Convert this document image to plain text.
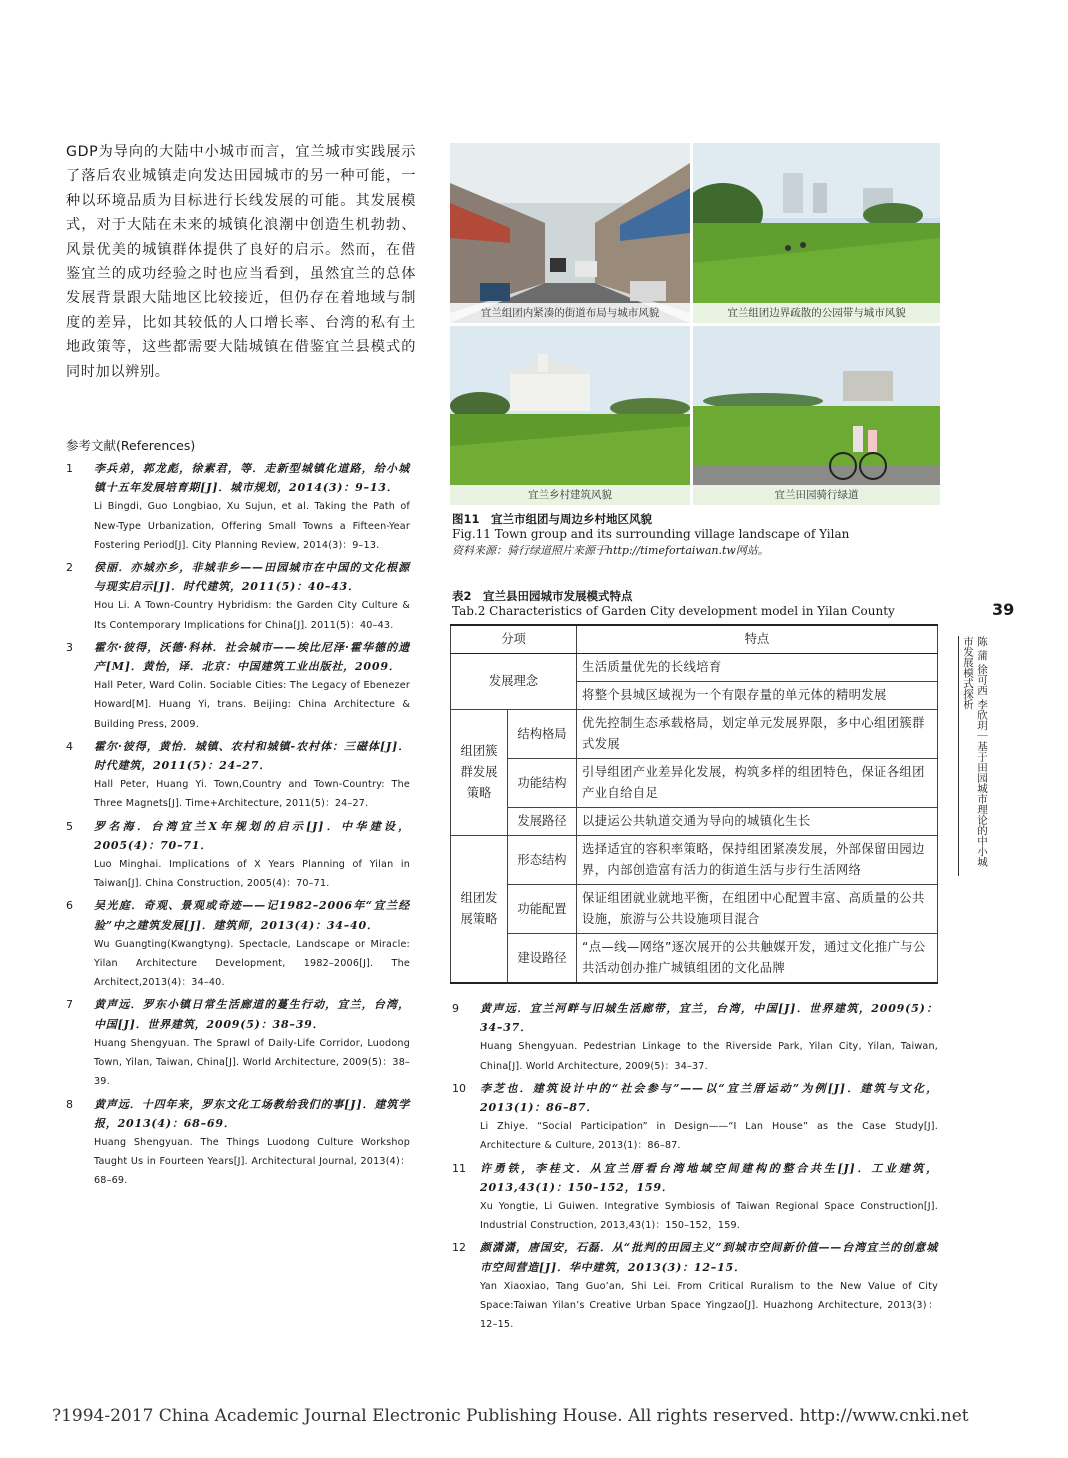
GDP为导向的大陆中小城市而言，宜兰城市实践展示了落后农业城镇走向发达田园城市的另一种可能，一种以环境品质为目标进行长线发展的可能。其发展模式，对于大陆在未来的城镇化浪潮中创造生机勃勃、风景优美的城镇群体提供了良好的启示。然而，在借鉴宜兰的成功经验之时也应当看到，虽然宜兰的总体发展背景跟大陆地区比较接近，但仍存在着地域与制度的差异，比如其较低的人口增长率、台湾的私有土地政策等，这些都需要大陆城镇在借鉴宜兰县模式的同时加以辨别。
参考文献(References)
1 李兵弟，郭龙彪，徐素君，等．走新型城镇化道路，给小城镇十五年发展培育期[J]．城市规划，2014(3)：9–13．
Li Bingdi, Guo Longbiao, Xu Sujun, et al. Taking the Path of New-Type Urbanization, Offering Small Towns a Fifteen-Year Fostering Period[J]. City Planning Review, 2014(3)：9–13.
2 侯丽．亦城亦乡，非城非乡——田园城市在中国的文化根源与现实启示[J]．时代建筑，2011(5)：40–43．
Hou Li. A Town-Country Hybridism: the Garden City Culture & Its Contemporary Implications for China[J]. 2011(5)：40–43.
3 霍尔·彼得，沃德·科林．社会城市——埃比尼泽·霍华德的遗产[M]．黄怡，译．北京：中国建筑工业出版社，2009．
Hall Peter, Ward Colin. Sociable Cities: The Legacy of Ebenezer Howard[M]. Huang Yi, trans. Beijing: China Architecture & Building Press, 2009.
4 霍尔·彼得，黄怡．城镇、农村和城镇-农村体：三磁体[J]．时代建筑，2011(5)：24–27．
Hall Peter, Huang Yi. Town,Country and Town-Country: The Three Magnets[J]. Time+Architecture, 2011(5)：24–27.
5 罗名海．台湾宜兰X年规划的启示[J]．中华建设，2005(4)：70–71．
Luo Minghai. Implications of X Years Planning of Yilan in Taiwan[J]. China Construction, 2005(4)：70–71.
6 吴光庭．奇观、景观或奇迹——记1982–2006年“宜兰经验”中之建筑发展[J]．建筑师，2013(4)：34–40．
Wu Guangting(Kwangtyng). Spectacle, Landscape or Miracle: Yilan Architecture Development, 1982–2006[J]. The Architect,2013(4)：34–40.
7 黄声远．罗东小镇日常生活廊道的蔓生行动，宜兰，台湾，中国[J]．世界建筑，2009(5)：38–39．
Huang Shengyuan. The Sprawl of Daily-Life Corridor, Luodong Town, Yilan, Taiwan, China[J]. World Architecture, 2009(5)：38–39.
8 黄声远．十四年来，罗东文化工场教给我们的事[J]．建筑学报，2013(4)：68–69．
Huang Shengyuan. The Things Luodong Culture Workshop Taught Us in Fourteen Years[J]. Architectural Journal, 2013(4)：68–69.
宜兰组团内紧凑的街道布局与城市风貌	宜兰组团边界疏散的公园带与城市风貌
宜兰乡村建筑风貌	宜兰田园骑行绿道
图11　宜兰市组团与周边乡村地区风貌
Fig.11 Town group and its surrounding village landscape of Yilan
资料来源：骑行绿道照片来源于http://timefortaiwan.tw网站。
表2　宜兰县田园城市发展模式特点
Tab.2 Characteristics of Garden City development model in Yilan County
分项		特点
发展理念		生活质量优先的长线培育
		将整个县城区域视为一个有限存量的单元体的精明发展
组团簇群发展策略	结构格局	优先控制生态承载格局，划定单元发展界限，多中心组团簇群式发展
	功能结构	引导组团产业差异化发展，构筑多样的组团特色，保证各组团产业自给自足
	发展路径	以捷运公共轨道交通为导向的城镇化生长
组团发展策略	形态结构	选择适宜的容积率策略，保持组团紧凑发展，外部保留田园边界，内部创造富有活力的街道生活与步行生活网络
	功能配置	保证组团就业就地平衡，在组团中心配置丰富、高质量的公共设施，旅游与公共设施项目混合
	建设路径	“点—线—网络”逐次展开的公共触媒开发，通过文化推广与公共活动创办推广城镇组团的文化品牌
9 黄声远．宜兰河畔与旧城生活廊带，宜兰，台湾，中国[J]．世界建筑，2009(5)：34–37．
Huang Shengyuan. Pedestrian Linkage to the Riverside Park, Yilan City, Yilan, Taiwan, China[J]. World Architecture, 2009(5)：34–37.
10 李芝也．建筑设计中的“社会参与”——以“宜兰厝运动”为例[J]．建筑与文化，2013(1)：86–87．
Li Zhiye. “Social Participation” in Design——“I Lan House” as the Case Study[J]. Architecture & Culture, 2013(1)：86–87.
11 许勇铁，李桂文．从宜兰厝看台湾地域空间建构的整合共生[J]．工业建筑，2013,43(1)：150–152，159．
Xu Yongtie, Li Guiwen. Integrative Symbiosis of Taiwan Regional Space Construction[J]. Industrial Construction, 2013,43(1)：150–152，159.
12 颜潇潇，唐国安，石磊．从“批判的田园主义”到城市空间新价值——台湾宜兰的创意城市空间营造[J]．华中建筑，2013(3)：12–15．
Yan Xiaoxiao, Tang Guo’an, Shi Lei. From Critical Ruralism to the New Value of City Space:Taiwan Yilan’s Creative Urban Space Yingzao[J]. Huazhong Architecture, 2013(3)：12–15.
39
陈 蒲 徐可西 李欣玥｜基于田园城市理论的中小城市发展模式探析
?1994-2017 China Academic Journal Electronic Publishing House. All rights reserved. http://www.cnki.net
